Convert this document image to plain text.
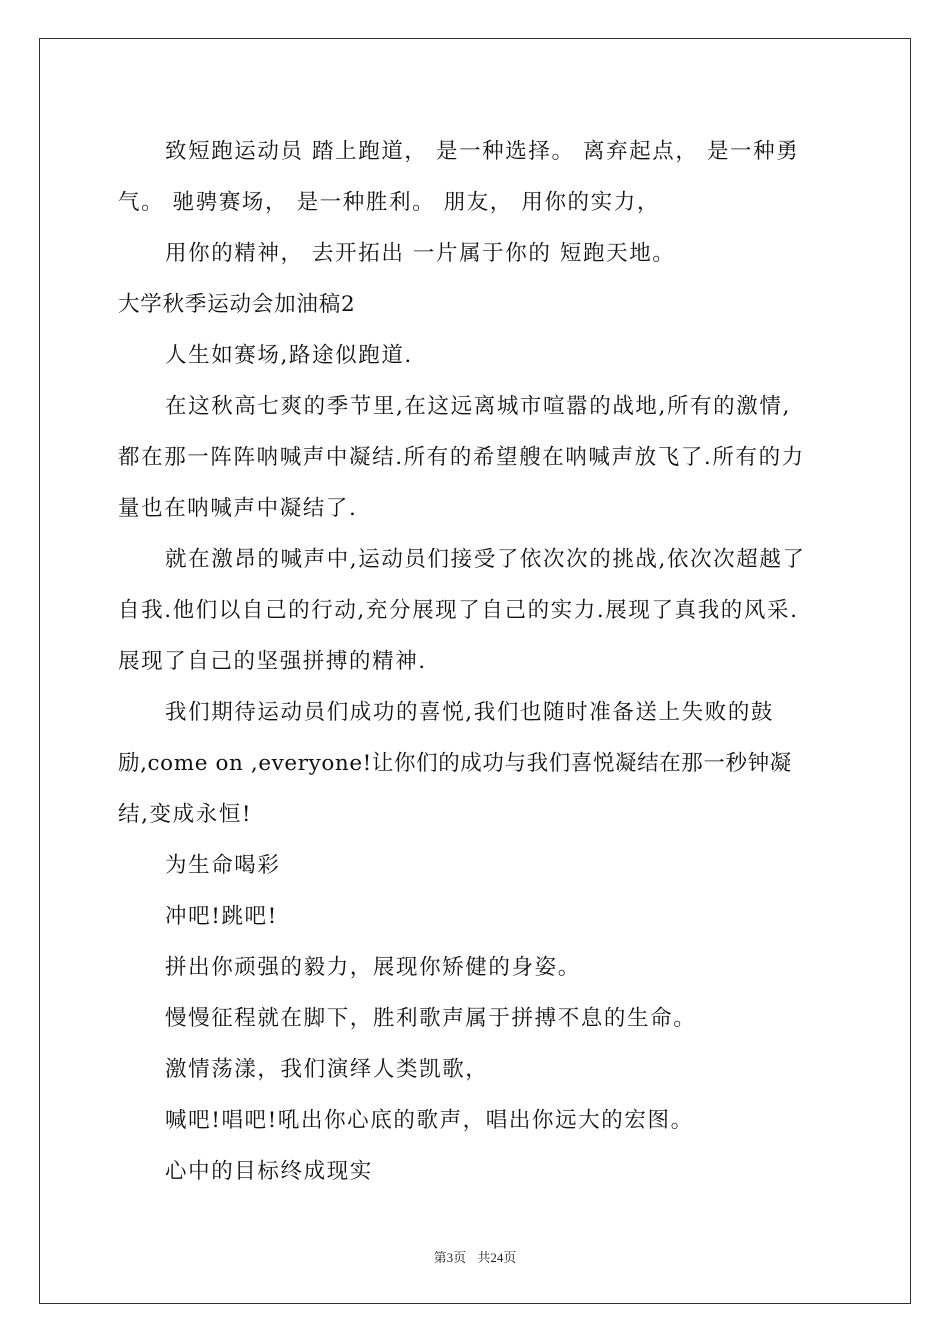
致短跑运动员 踏上跑道， 是一种选择。 离弃起点， 是一种勇
气。 驰骋赛场， 是一种胜利。 朋友， 用你的实力，
用你的精神， 去开拓出 一片属于你的 短跑天地。
大学秋季运动会加油稿2
人生如赛场,路途似跑道.
在这秋高七爽的季节里,在这远离城市喧嚣的战地,所有的激情,
都在那一阵阵呐喊声中凝结.所有的希望艘在呐喊声放飞了.所有的力
量也在呐喊声中凝结了.
就在激昂的喊声中,运动员们接受了依次次的挑战,依次次超越了
自我.他们以自己的行动,充分展现了自己的实力.展现了真我的风采.
展现了自己的坚强拼搏的精神.
我们期待运动员们成功的喜悦,我们也随时准备送上失败的鼓
励,come on ,everyone!让你们的成功与我们喜悦凝结在那一秒钟凝
结,变成永恒!
为生命喝彩
冲吧!跳吧!
拼出你顽强的毅力，展现你矫健的身姿。
慢慢征程就在脚下，胜利歌声属于拼搏不息的生命。
激情荡漾，我们演绎人类凯歌，
喊吧!唱吧!吼出你心底的歌声，唱出你远大的宏图。
心中的目标终成现实
第3页 共24页
